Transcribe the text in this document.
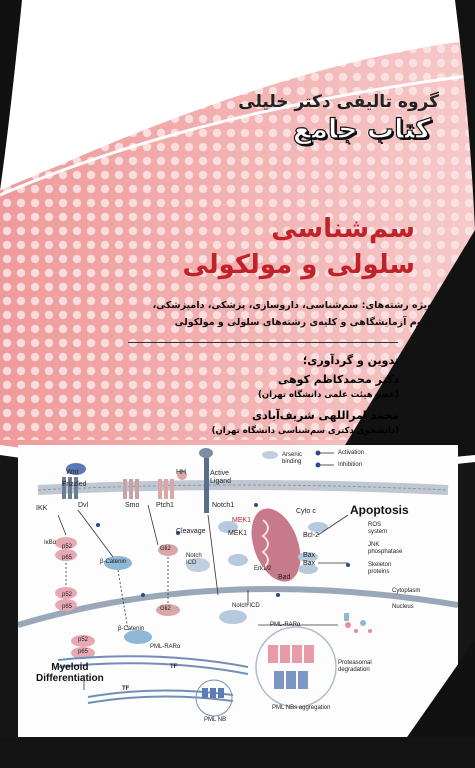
گروه تالیفی دکتر خلیلی
کتاب جامع
سم‌شناسی
سلولی و مولکولی
ویژه رشته‌های: سم‌شناسی، داروسازی، پزشکی، دامپزشکی،
علوم آزمایشگاهی و کلیه‌ی رشته‌های سلولی و مولکولی
تدوین و گردآوری؛
دکتر محمدکاظم کوهی
(عضو هیئت علمی دانشگاه تهران)
محمد امراللهی شریف‌آبادی
(دانشجوی دکتری سم‌شناسی دانشگاه تهران)
Wnt
Frizzled
Dvl
IKK	Smo Ptch1
HH	Active
Ligand
Notch1
Cleavage
Arsenic
binding
Activation
Inhibition
Apoptosis
Cyto c
MEK1
MEK1	Bcl-2
Bax
Bax
Bad
ROS
system
JNK
phosphatase
Skeleton
proteins
p52
p65
IκBα
β-Catenin
Gli2
Notch
ICD
Erk1/2
Cytoplasm
Nucleus
Notch ICD
p52
p65	Gli2
β-Catenin
p52
p65
Myeloid
Differentiation
PML-RARα
PML-RARα
TF
TF
Proteasomal
degradation
PML NB
PML NBs aggregation
